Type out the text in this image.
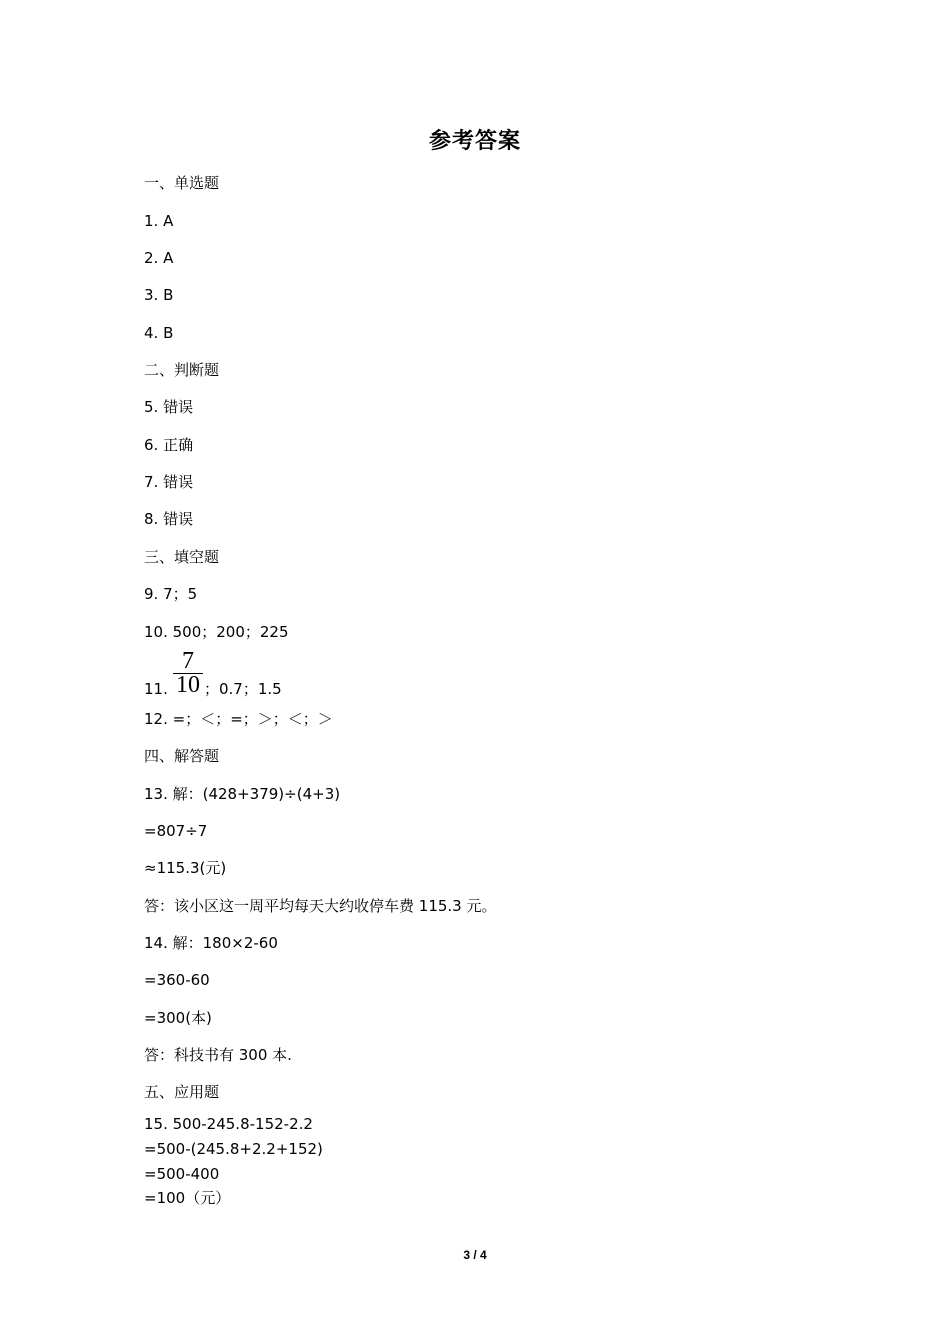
参考答案
一、单选题
1. A
2. A
3. B
4. B
二、判断题
5. 错误
6. 正确
7. 错误
8. 错误
三、填空题
9. 7；5
10. 500；200；225
11.
7
10 ；0.7；1.5
12. =；＜；=；＞；＜；＞
四、解答题
13. 解：(428+379)÷(4+3)
=807÷7
≈115.3(元)
答：该小区这一周平均每天大约收停车费 115.3 元。
14. 解：180×2-60
=360-60
=300(本)
答：科技书有 300 本.
五、应用题
15. 500-245.8-152-2.2
=500-(245.8+2.2+152)
=500-400
=100（元）
3 / 4
